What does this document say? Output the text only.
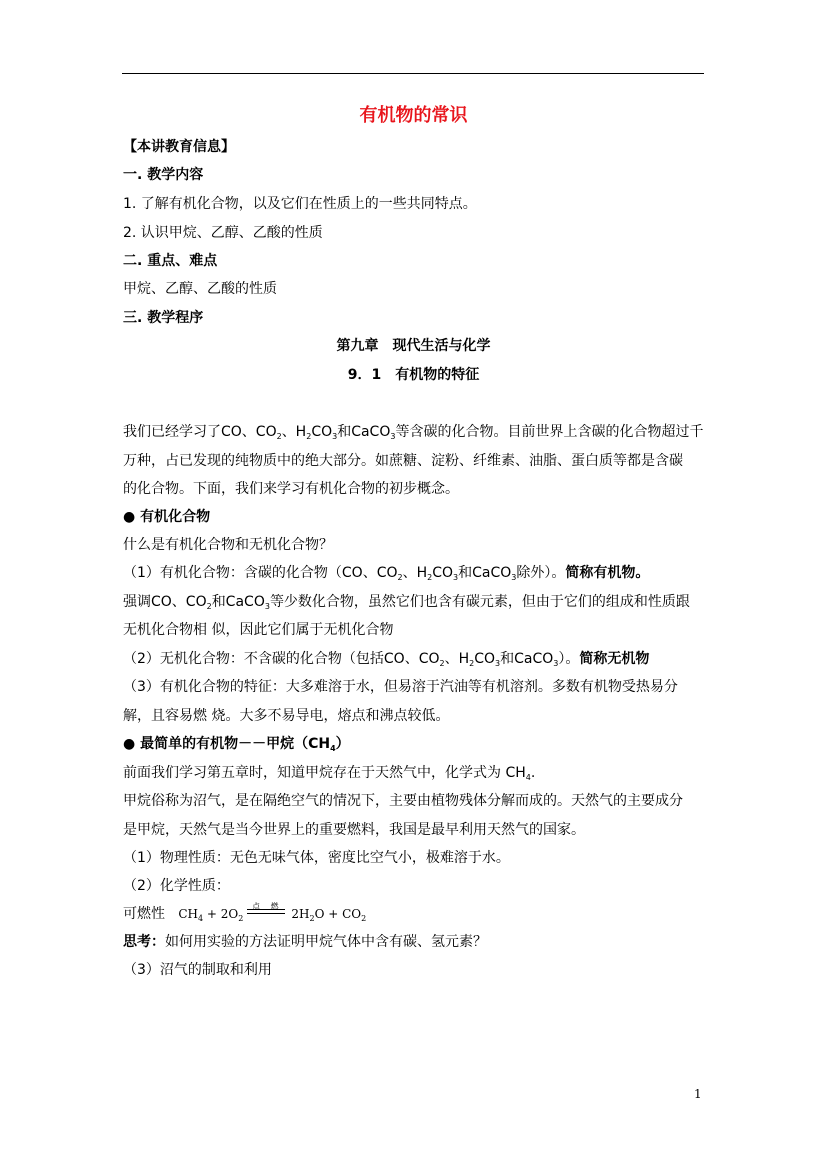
有机物的常识
【本讲教育信息】
一. 教学内容
1. 了解有机化合物，以及它们在性质上的一些共同特点。
2. 认识甲烷、乙醇、乙酸的性质
二. 重点、难点
甲烷、乙醇、乙酸的性质
三. 教学程序
第九章　现代生活与化学
9．1　有机物的特征
我们已经学习了CO、$CO_2$、$H_2CO_3$和CaCO$_3$等含碳的化合物。目前世界上含碳的化合物超过千
万种，占已发现的纯物质中的绝大部分。如蔗糖、淀粉、纤维素、油脂、蛋白质等都是含碳
的化合物。下面，我们来学习有机化合物的初步概念。
● 有机化合物
什么是有机化合物和无机化合物？
（1）有机化合物：含碳的化合物（CO、$CO_2$、$H_2CO_3$和CaCO$_3$除外）。简称有机物。
强调CO、$CO_2$和CaCO$_3$等少数化合物，虽然它们也含有碳元素，但由于它们的组成和性质跟
无机化合物相 似，因此它们属于无机化合物
（2）无机化合物：不含碳的化合物（包括CO、$CO_2$、$H_2CO_3$和CaCO$_3$）。简称无机物
（3）有机化合物的特征：大多难溶于水，但易溶于汽油等有机溶剂。多数有机物受热易分
解，且容易燃 烧。大多不易导电，熔点和沸点较低。
● 最简单的有机物－－甲烷$(CH_4)$
前面我们学习第五章时，知道甲烷存在于天然气中，化学式为 $CH_4$.
甲烷俗称为沼气，是在隔绝空气的情况下，主要由植物残体分解而成的。天然气的主要成分
是甲烷，天然气是当今世界上的重要燃料，我国是最早利用天然气的国家。
（1）物理性质：无色无味气体，密度比空气小，极难溶于水。
（2）化学性质：
可燃性 $CH_4 + 2O_2$
点 燃
$2H_2O + CO_2$
思考：如何用实验的方法证明甲烷气体中含有碳、氢元素？
（3）沼气的制取和利用
1
